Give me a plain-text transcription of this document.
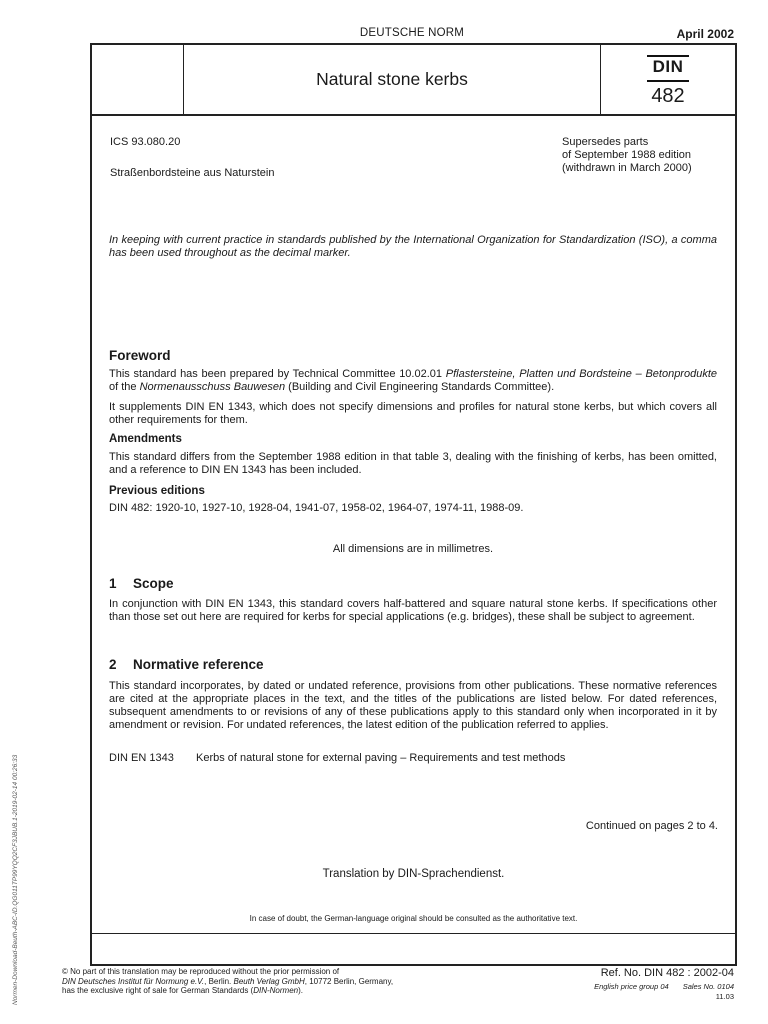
DEUTSCHE NORM	April 2002
Natural stone kerbs
DIN
482
ICS 93.080.20
Straßenbordsteine aus Naturstein
Supersedes parts
of September 1988 edition
(withdrawn in March 2000)
In keeping with current practice in standards published by the International Organization for Standardization (ISO), a comma has been used throughout as the decimal marker.
Foreword

This standard has been prepared by Technical Committee 10.02.01 Pflastersteine, Platten und Bordsteine – Betonprodukte of the Normenausschuss Bauwesen (Building and Civil Engineering Standards Committee).

It supplements DIN EN 1343, which does not specify dimensions and profiles for natural stone kerbs, but which covers all other requirements for them.

Amendments

This standard differs from the September 1988 edition in that table 3, dealing with the finishing of kerbs, has been omitted, and a reference to DIN EN 1343 has been included.

Previous editions

DIN 482: 1920-10, 1927-10, 1928-04, 1941-07, 1958-02, 1964-07, 1974-11, 1988-09.

All dimensions are in millimetres.
1 Scope

In conjunction with DIN EN 1343, this standard covers half-battered and square natural stone kerbs. If specifications other than those set out here are required for kerbs for special applications (e.g. bridges), these shall be subject to agreement.

2 Normative reference

This standard incorporates, by dated or undated reference, provisions from other publications. These normative references are cited at the appropriate places in the text, and the titles of the publications are listed below. For dated references, subsequent amendments to or revisions of any of these publications apply to this standard only when incorporated in it by amendment or revision. For undated references, the latest edition of the publication referred to applies.

DIN EN 1343 Kerbs of natural stone for external paving – Requirements and test methods

Continued on pages 2 to 4.
Translation by DIN-Sprachendienst.
In case of doubt, the German-language original should be consulted as the authoritative text.
Normen-Download-Beuth-ABC-ID.QG011TP99YQQ2CF3JBUB.1-2019-02-14 00:26:33	© No part of this translation may be reproduced without the prior permission of
DIN Deutsches Institut für Normung e.V., Berlin. Beuth Verlag GmbH, 10772 Berlin, Germany,
has the exclusive right of sale for German Standards (DIN-Normen).
Ref. No. DIN 482 : 2002-04
English price group 04 Sales No. 0104
11.03
